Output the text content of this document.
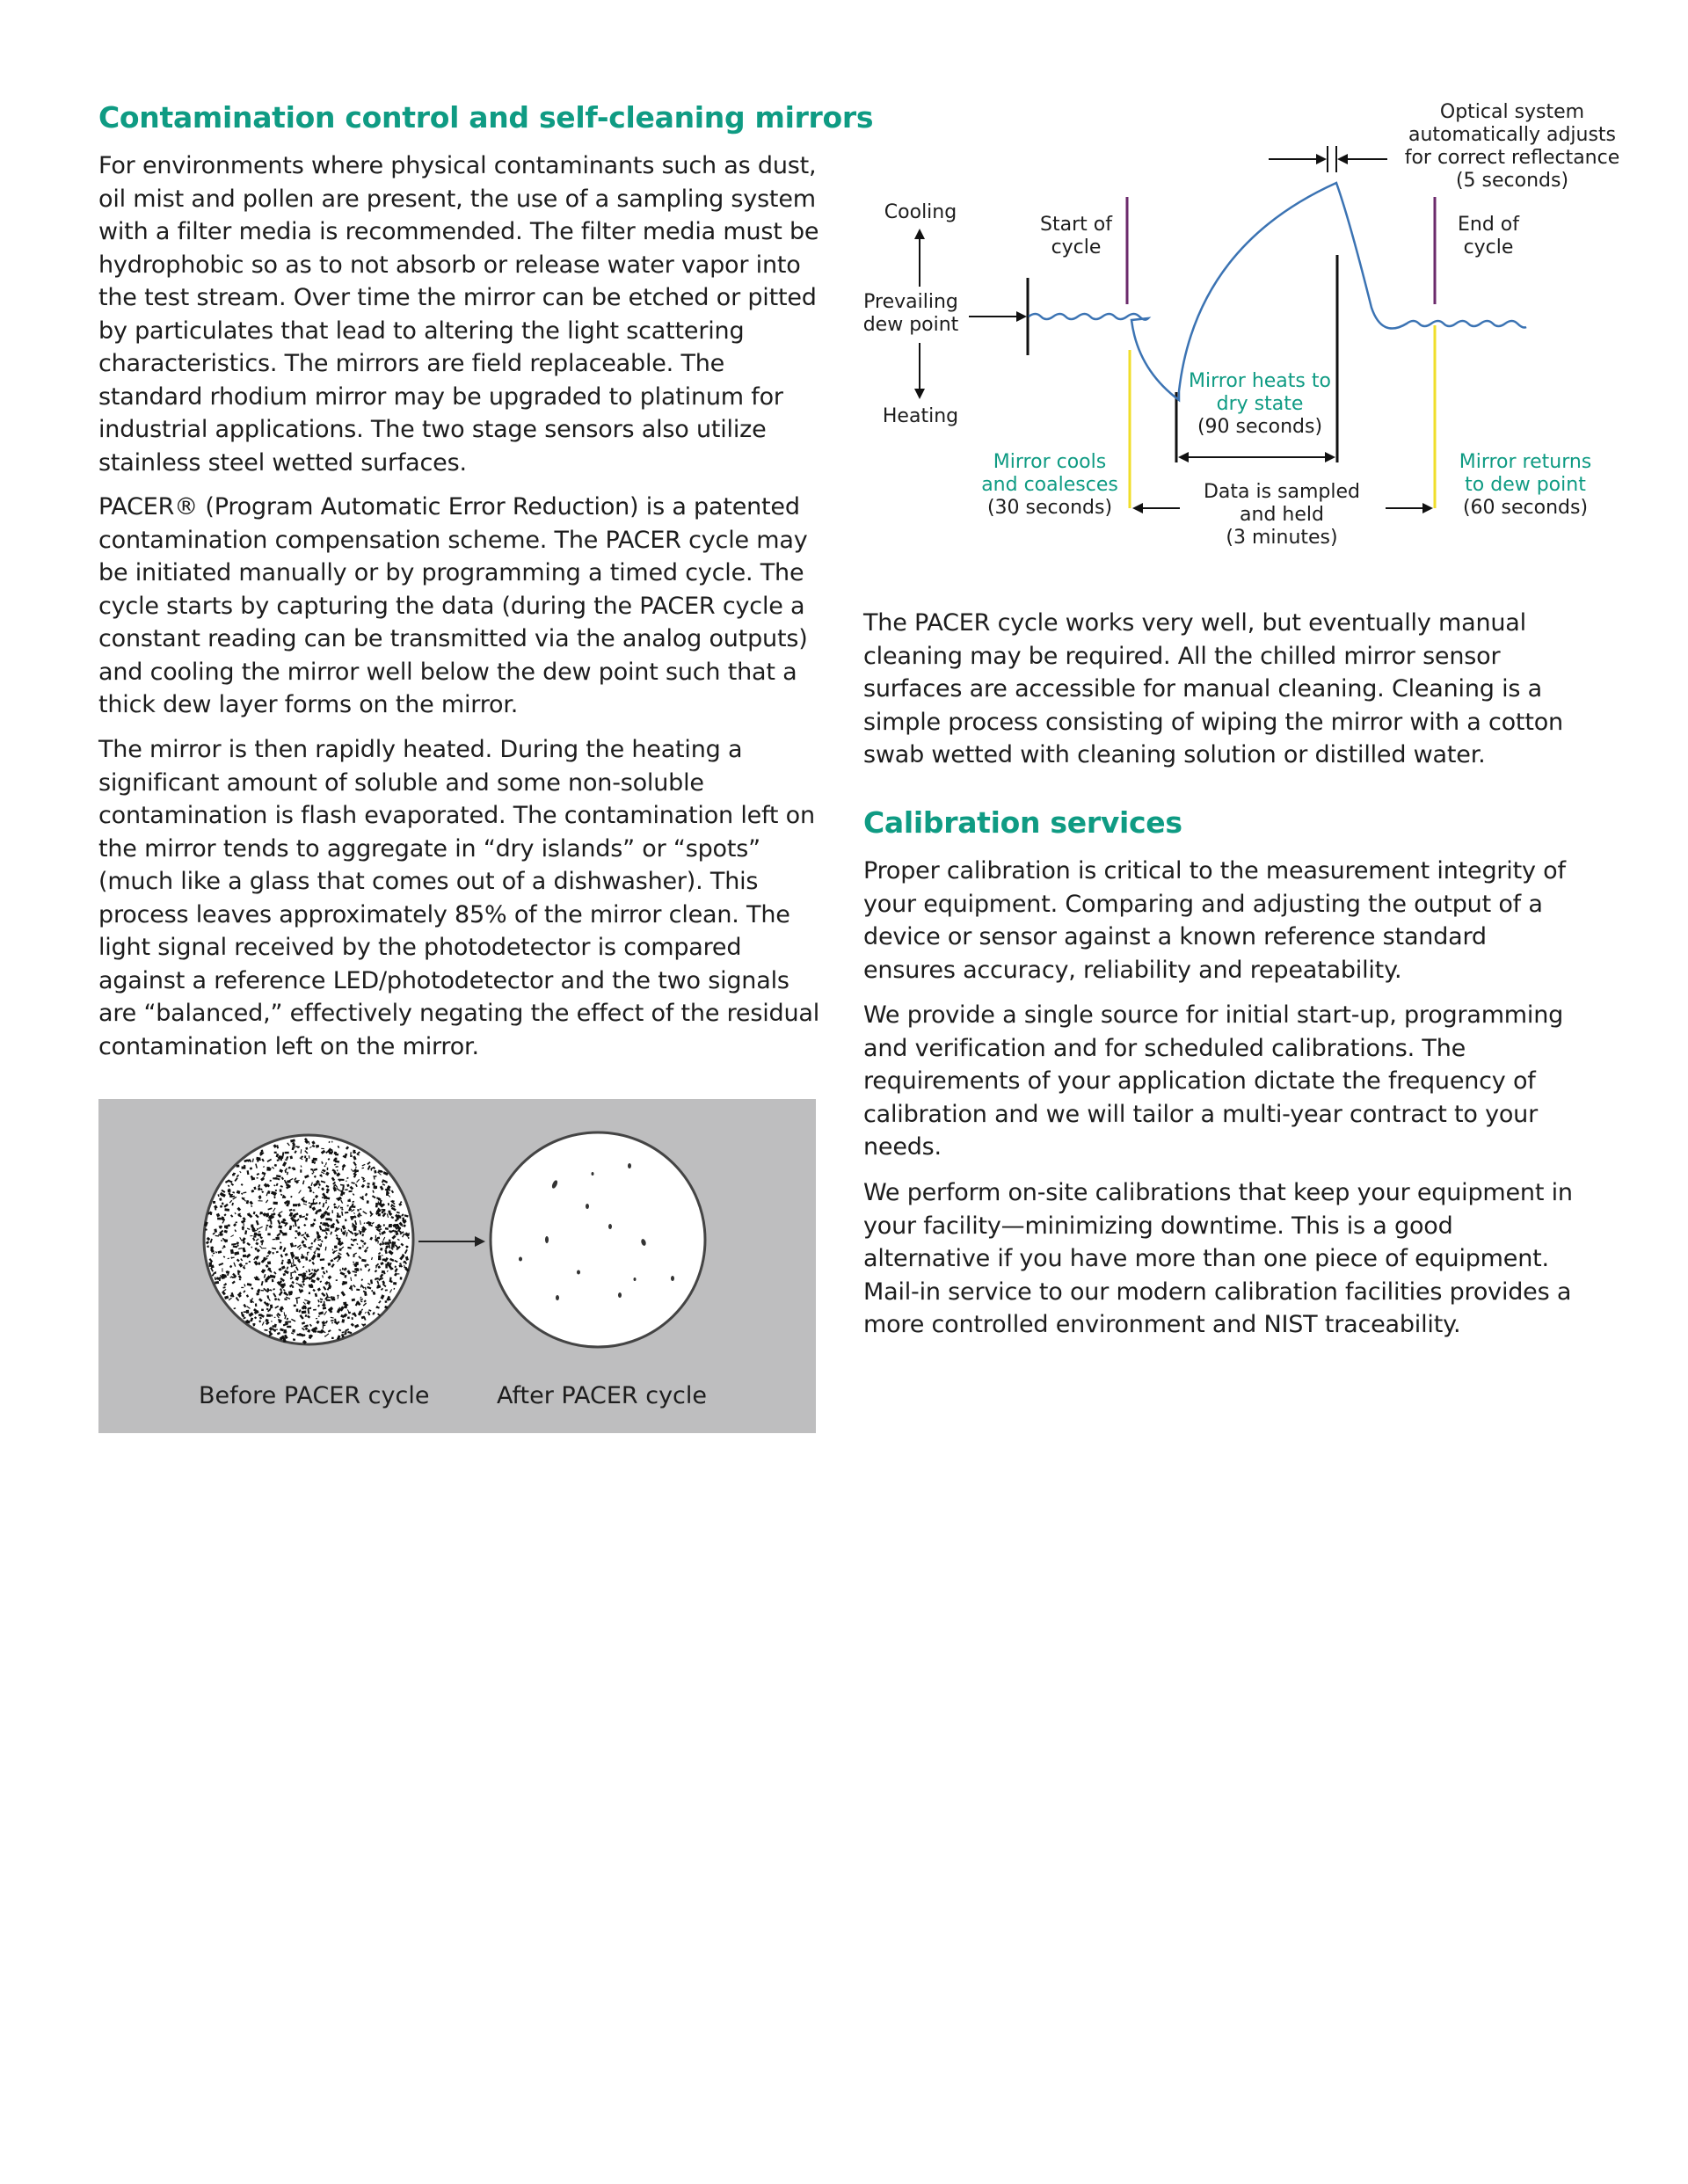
Contamination control and self-cleaning mirrors

For environments where physical contaminants such as dust, oil mist and pollen are present, the use of a sampling system with a filter media is recommended. The filter media must be hydrophobic so as to not absorb or release water vapor into the test stream. Over time the mirror can be etched or pitted by particulates that lead to altering the light scattering characteristics. The mirrors are field replaceable. The standard rhodium mirror may be upgraded to platinum for industrial applications. The two stage sensors also utilize stainless steel wetted surfaces.

PACER® (Program Automatic Error Reduction) is a patented contamination compensation scheme. The PACER cycle may be initiated manually or by programming a timed cycle. The cycle starts by capturing the data (during the PACER cycle a constant reading can be transmitted via the analog outputs) and cooling the mirror well below the dew point such that a thick dew layer forms on the mirror.

The mirror is then rapidly heated. During the heating a significant amount of soluble and some non-soluble contamination is flash evaporated. The contamination left on the mirror tends to aggregate in “dry islands” or “spots” (much like a glass that comes out of a dishwasher). This process leaves approximately 85% of the mirror clean. The light signal received by the photodetector is compared against a reference LED/photodetector and the two signals are “balanced,” effectively negating the effect of the residual contamination left on the mirror.

Before PACER cycle	After PACER cycle
Optical system
automatically adjusts
for correct reflectance
(5 seconds)
Cooling
Prevailing
dew point
Heating
Start of
cycle
End of
cycle
Mirror heats to
dry state
(90 seconds)
Mirror cools
and coalesces
(30 seconds)
Data is sampled
and held
(3 minutes)
Mirror returns
to dew point
(60 seconds)

The PACER cycle works very well, but eventually manual cleaning may be required. All the chilled mirror sensor surfaces are accessible for manual cleaning. Cleaning is a simple process consisting of wiping the mirror with a cotton swab wetted with cleaning solution or distilled water.

Calibration services

Proper calibration is critical to the measurement integrity of your equipment. Comparing and adjusting the output of a device or sensor against a known reference standard ensures accuracy, reliability and repeatability.

We provide a single source for initial start-up, programming and verification and for scheduled calibrations. The requirements of your application dictate the frequency of calibration and we will tailor a multi-year contract to your needs.

We perform on-site calibrations that keep your equipment in your facility—minimizing downtime. This is a good alternative if you have more than one piece of equipment. Mail-in service to our modern calibration facilities provides a more controlled environment and NIST traceability.
